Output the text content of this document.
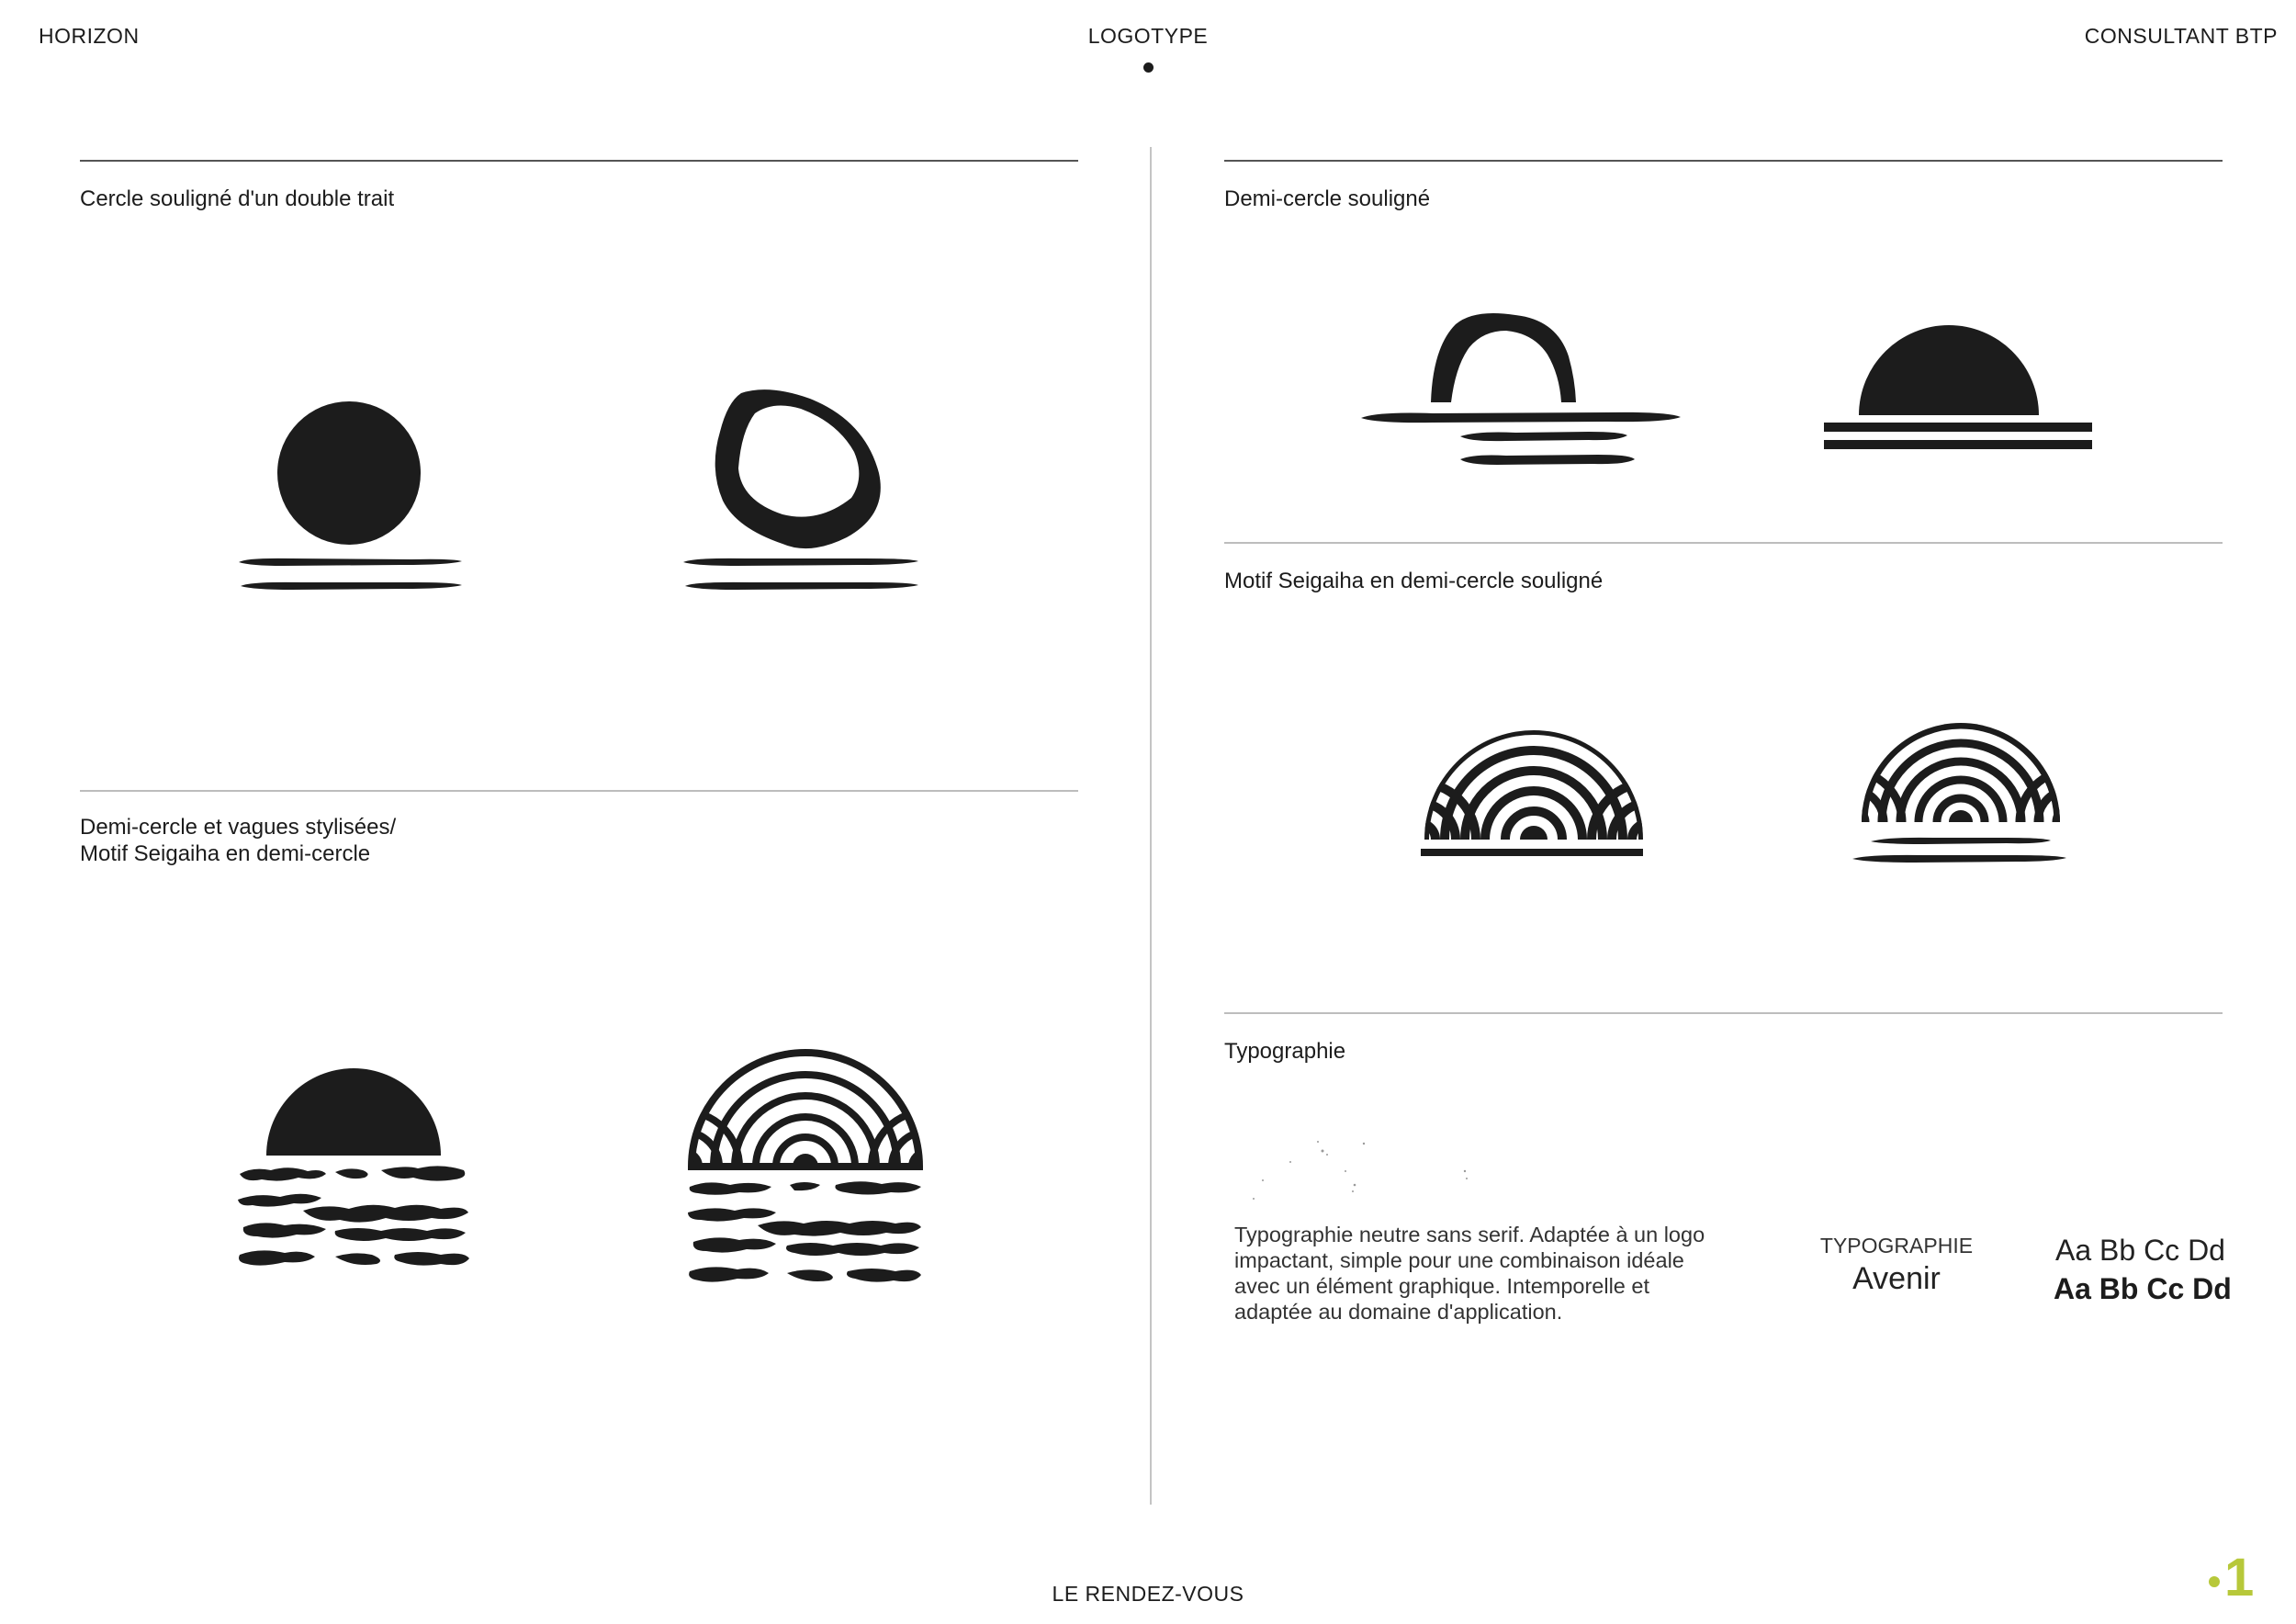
HORIZON	LOGOTYPE	CONSULTANT BTP
Cercle souligné d'un double trait
Demi-cercle et vagues stylisées/
Motif Seigaiha en demi-cercle
Demi-cercle souligné
Motif Seigaiha en demi-cercle souligné
Typographie
Typographie neutre sans serif. Adaptée à un logo
impactant, simple pour une combinaison idéale
avec un élément graphique. Intemporelle et
adaptée au domaine d'application.
TYPOGRAPHIE
Avenir
Aa Bb Cc Dd
Aa Bb Cc Dd
LE RENDEZ-VOUS	1
